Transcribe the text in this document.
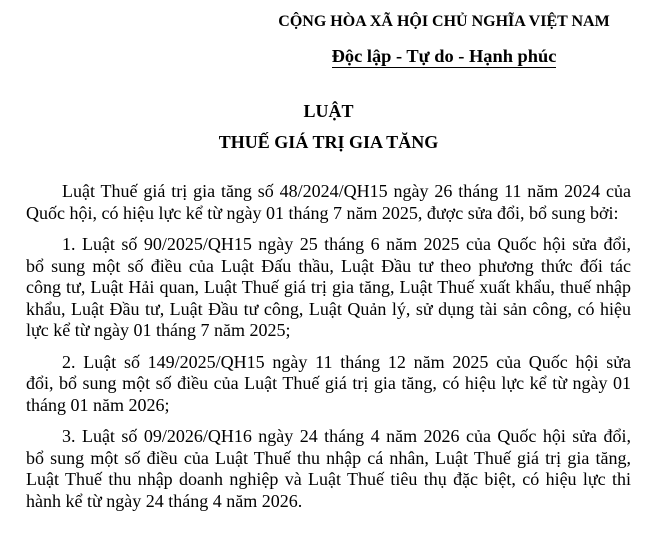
CỘNG HÒA XÃ HỘI CHỦ NGHĨA VIỆT NAM
Độc lập - Tự do - Hạnh phúc
LUẬT
THUẾ GIÁ TRỊ GIA TĂNG
Luật Thuế giá trị gia tăng số 48/2024/QH15 ngày 26 tháng 11 năm 2024 của
Quốc hội, có hiệu lực kể từ ngày 01 tháng 7 năm 2025, được sửa đổi, bổ sung bởi:
1. Luật số 90/2025/QH15 ngày 25 tháng 6 năm 2025 của Quốc hội sửa đổi,
bổ sung một số điều của Luật Đấu thầu, Luật Đầu tư theo phương thức đối tác
công tư, Luật Hải quan, Luật Thuế giá trị gia tăng, Luật Thuế xuất khẩu, thuế nhập
khẩu, Luật Đầu tư, Luật Đầu tư công, Luật Quản lý, sử dụng tài sản công, có hiệu
lực kể từ ngày 01 tháng 7 năm 2025;
2. Luật số 149/2025/QH15 ngày 11 tháng 12 năm 2025 của Quốc hội sửa
đổi, bổ sung một số điều của Luật Thuế giá trị gia tăng, có hiệu lực kể từ ngày 01
tháng 01 năm 2026;
3. Luật số 09/2026/QH16 ngày 24 tháng 4 năm 2026 của Quốc hội sửa đổi,
bổ sung một số điều của Luật Thuế thu nhập cá nhân, Luật Thuế giá trị gia tăng,
Luật Thuế thu nhập doanh nghiệp và Luật Thuế tiêu thụ đặc biệt, có hiệu lực thi
hành kể từ ngày 24 tháng 4 năm 2026.
